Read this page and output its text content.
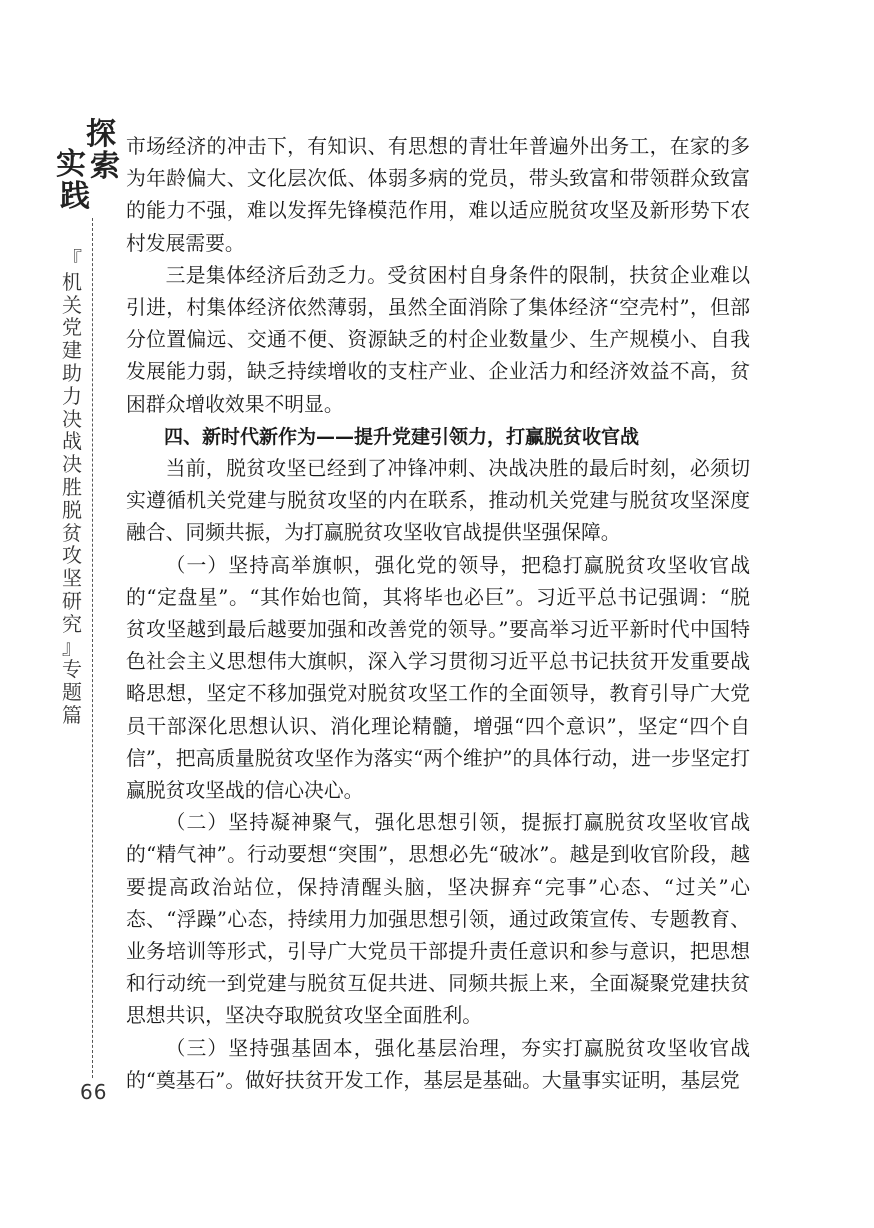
探
索
实
践
『
机
关
党
建
助
力
决
战
决
胜
脱
贫
攻
坚
研
究
』
专
题
篇
66

市场经济的冲击下，有知识、有思想的青壮年普遍外出务工，在家的多为年龄偏大、文化层次低、体弱多病的党员，带头致富和带领群众致富的能力不强，难以发挥先锋模范作用，难以适应脱贫攻坚及新形势下农村发展需要。

三是集体经济后劲乏力。受贫困村自身条件的限制，扶贫企业难以引进，村集体经济依然薄弱，虽然全面消除了集体经济“空壳村”，但部分位置偏远、交通不便、资源缺乏的村企业数量少、生产规模小、自我发展能力弱，缺乏持续增收的支柱产业、企业活力和经济效益不高，贫困群众增收效果不明显。

四、新时代新作为——提升党建引领力，打赢脱贫收官战

当前，脱贫攻坚已经到了冲锋冲刺、决战决胜的最后时刻，必须切实遵循机关党建与脱贫攻坚的内在联系，推动机关党建与脱贫攻坚深度融合、同频共振，为打赢脱贫攻坚收官战提供坚强保障。

（一）坚持高举旗帜，强化党的领导，把稳打赢脱贫攻坚收官战的“定盘星”。“其作始也简，其将毕也必巨”。习近平总书记强调：“脱贫攻坚越到最后越要加强和改善党的领导。”要高举习近平新时代中国特色社会主义思想伟大旗帜，深入学习贯彻习近平总书记扶贫开发重要战略思想，坚定不移加强党对脱贫攻坚工作的全面领导，教育引导广大党员干部深化思想认识、消化理论精髓，增强“四个意识”，坚定“四个自信”，把高质量脱贫攻坚作为落实“两个维护”的具体行动，进一步坚定打赢脱贫攻坚战的信心决心。

（二）坚持凝神聚气，强化思想引领，提振打赢脱贫攻坚收官战的“精气神”。行动要想“突围”，思想必先“破冰”。越是到收官阶段，越要提高政治站位，保持清醒头脑，坚决摒弃“完事”心态、“过关”心态、“浮躁”心态，持续用力加强思想引领，通过政策宣传、专题教育、业务培训等形式，引导广大党员干部提升责任意识和参与意识，把思想和行动统一到党建与脱贫互促共进、同频共振上来，全面凝聚党建扶贫思想共识，坚决夺取脱贫攻坚全面胜利。

（三）坚持强基固本，强化基层治理，夯实打赢脱贫攻坚收官战的“奠基石”。做好扶贫开发工作，基层是基础。大量事实证明，基层党
